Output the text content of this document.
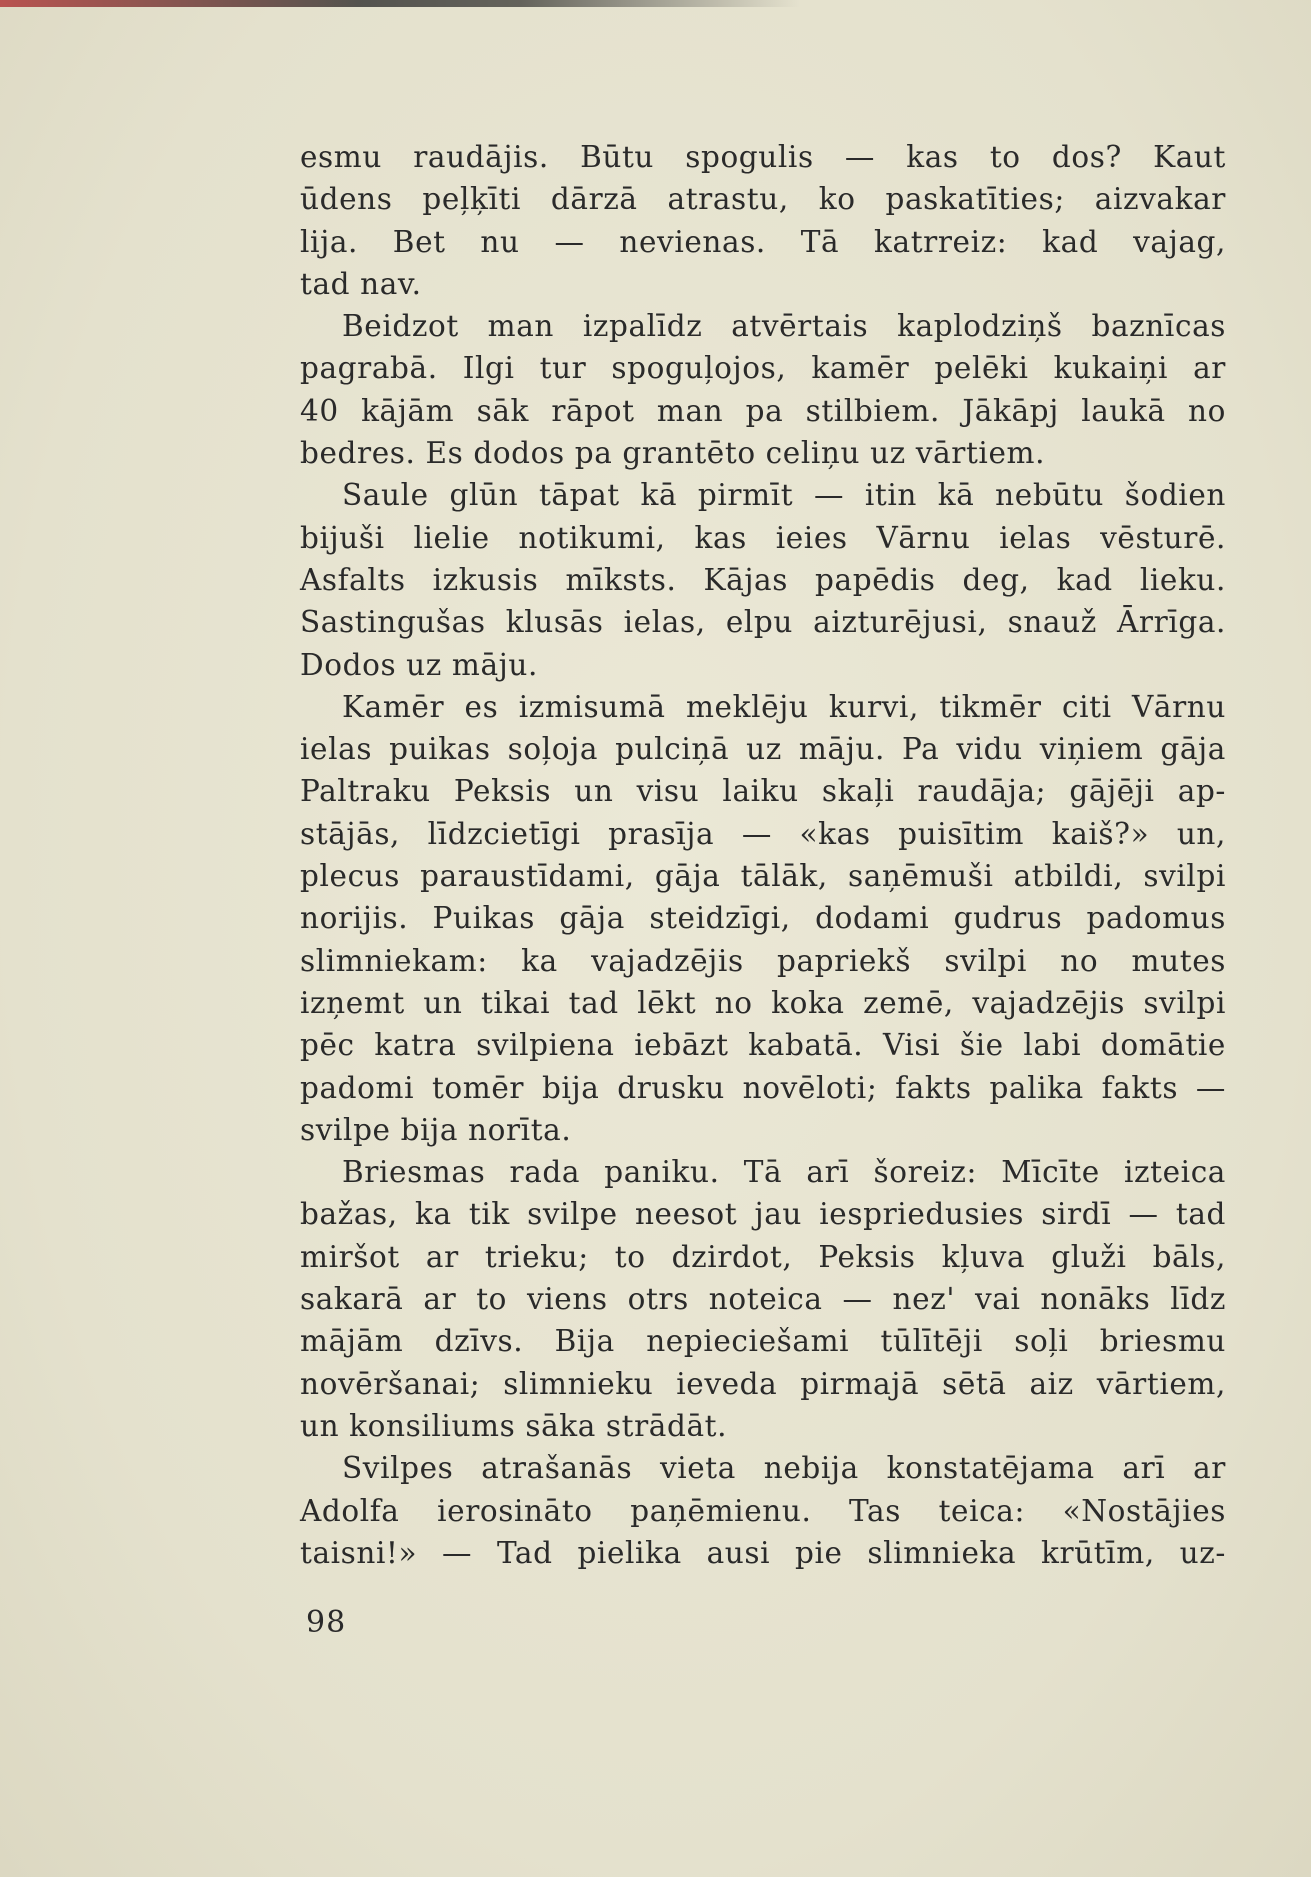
esmu raudājis. Būtu spogulis — kas to dos? Kaut
ūdens peļķīti dārzā atrastu, ko paskatīties; aizvakar
lija. Bet nu — nevienas. Tā katrreiz: kad vajag,
tad nav.
Beidzot man izpalīdz atvērtais kaplodziņš baznīcas
pagrabā. Ilgi tur spoguļojos, kamēr pelēki kukaiņi ar
40 kājām sāk rāpot man pa stilbiem. Jākāpj laukā no
bedres. Es dodos pa grantēto celiņu uz vārtiem.
Saule glūn tāpat kā pirmīt — itin kā nebūtu šodien
bijuši lielie notikumi, kas ieies Vārnu ielas vēsturē.
Asfalts izkusis mīksts. Kājas papēdis deg, kad lieku.
Sastingušas klusās ielas, elpu aizturējusi, snauž Ārrīga.
Dodos uz māju.
Kamēr es izmisumā meklēju kurvi, tikmēr citi Vārnu
ielas puikas soļoja pulciņā uz māju. Pa vidu viņiem gāja
Paltraku Peksis un visu laiku skaļi raudāja; gājēji ap-
stājās, līdzcietīgi prasīja — «kas puisītim kaiš?» un,
plecus paraustīdami, gāja tālāk, saņēmuši atbildi, svilpi
norijis. Puikas gāja steidzīgi, dodami gudrus padomus
slimniekam: ka vajadzējis papriekš svilpi no mutes
izņemt un tikai tad lēkt no koka zemē, vajadzējis svilpi
pēc katra svilpiena iebāzt kabatā. Visi šie labi domātie
padomi tomēr bija drusku novēloti; fakts palika fakts —
svilpe bija norīta.
Briesmas rada paniku. Tā arī šoreiz: Mīcīte izteica
bažas, ka tik svilpe neesot jau iespriedusies sirdī — tad
miršot ar trieku; to dzirdot, Peksis kļuva gluži bāls,
sakarā ar to viens otrs noteica — nez' vai nonāks līdz
mājām dzīvs. Bija nepieciešami tūlītēji soļi briesmu
novēršanai; slimnieku ieveda pirmajā sētā aiz vārtiem,
un konsiliums sāka strādāt.
Svilpes atrašanās vieta nebija konstatējama arī ar
Adolfa ierosināto paņēmienu. Tas teica: «Nostājies
taisni!» — Tad pielika ausi pie slimnieka krūtīm, uz-
98
